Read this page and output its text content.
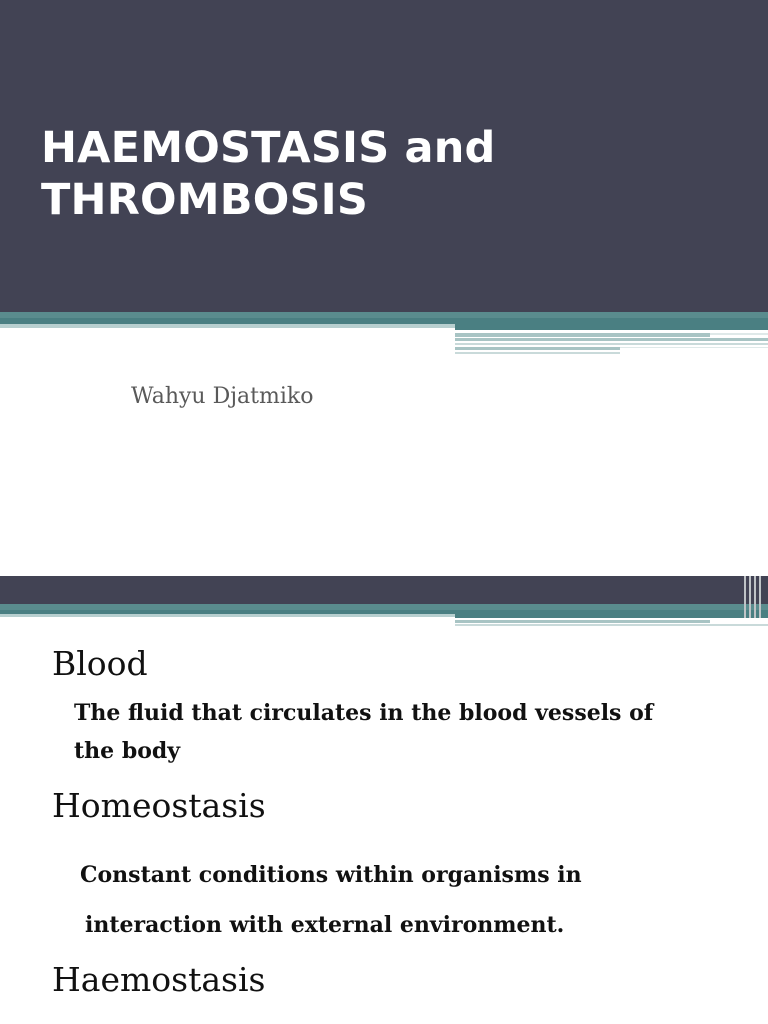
HAEMOSTASIS and
THROMBOSIS

Wahyu Djatmiko

Blood

The fluid that circulates in the blood vessels of

the body

Homeostasis

Constant conditions within organisms in

interaction with external environment.

Haemostasis
